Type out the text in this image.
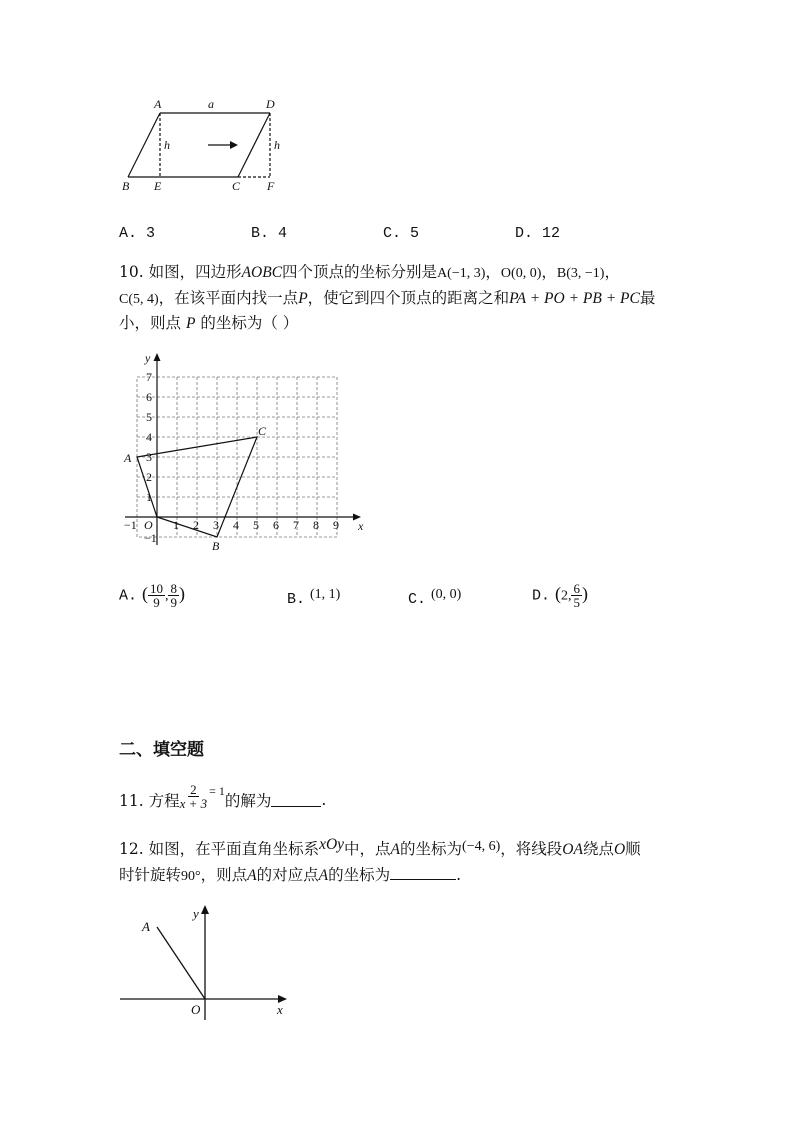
A	a	D
h	h
B E	C F
A. 3	B. 4	C. 5	D. 12
10. 如图，四边形AOBC四个顶点的坐标分别是A(−1, 3)，O(0, 0)，B(3, −1)，
C(5, 4)，在该平面内找一点P，使它到四个顶点的距离之和PA + PO + PB + PC最
小，则点 P 的坐标为（ ）
x
y
7
6
5
4
3
2
1
1 2 3 4 5 6 7 8 9
−1
−1
O
A
B
C
A. ( $\frac{10}{9}$ , $\frac{8}{9}$ )	B. (1, 1)	C. (0, 0)	D. (2, $\frac{6}{5}$ )
二、填空题
11. 方程 $\frac{2}{x + 3} = 1$
的解为	.
12. 如图，在平面直角坐标系xOy中，点A的坐标为(−4, 6)，将线段OA绕点O顺
时针旋转90°，则点A的对应点A的坐标为	.
A
y
O	x
